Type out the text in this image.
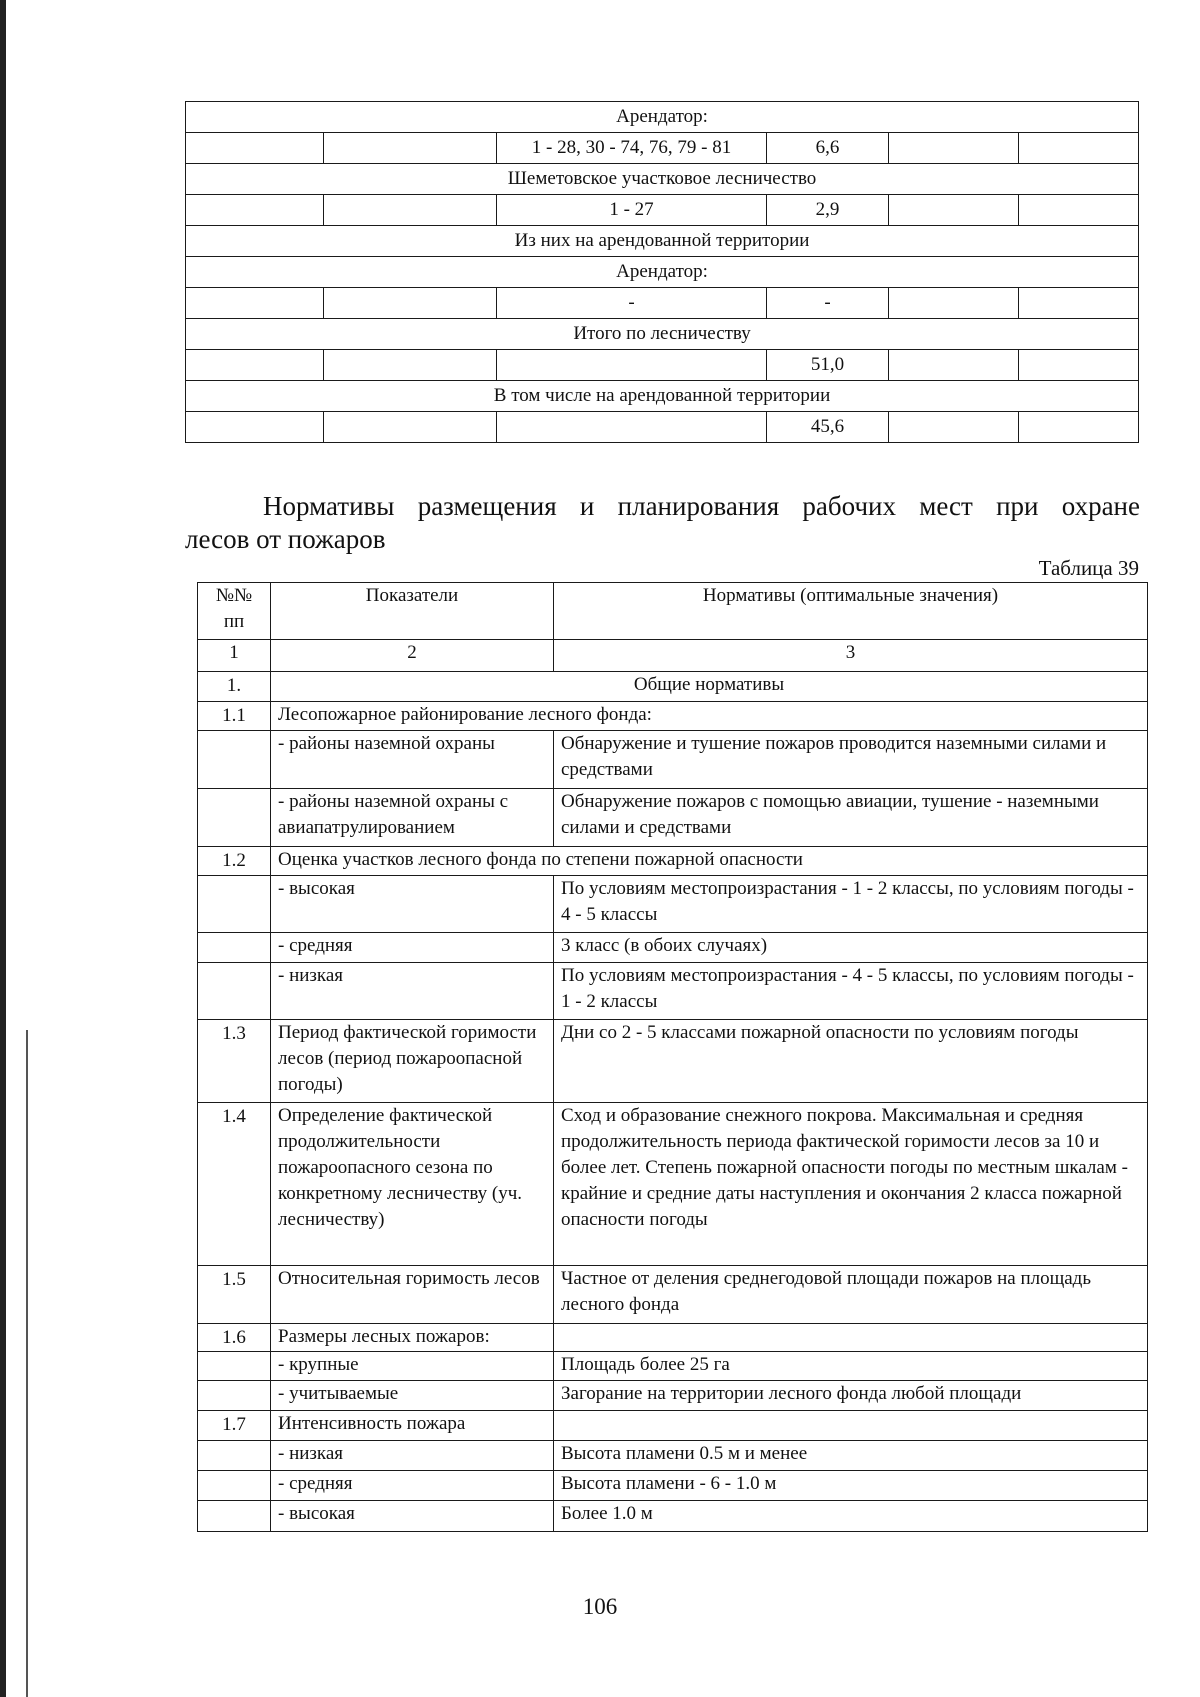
Арендатор:					
		1 - 28, 30 - 74, 76, 79 - 81	6,6		
Шеметовское участковое лесничество					
		1 - 27	2,9		
Из них на арендованной территории					
Арендатор:					
		-	-		
Итого по лесничеству					
			51,0		
В том числе на арендованной территории					
			45,6		
Нормативы размещения и планирования рабочих мест при охране
лесов от пожаров
Таблица 39
№№ пп	Показатели	Нормативы (оптимальные значения)
1	2	3
1.	Общие нормативы	
1.1	Лесопожарное районирование лесного фонда:	
	- районы наземной охраны	Обнаружение и тушение пожаров проводится наземными силами и средствами
	- районы наземной охраны с авиапатрулированием	Обнаружение пожаров с помощью авиации, тушение - наземными силами и средствами
1.2	Оценка участков лесного фонда по степени пожарной опасности	
	- высокая	По условиям местопроизрастания - 1 - 2 классы, по условиям погоды - 4 - 5 классы
	- средняя	3 класс (в обоих случаях)
	- низкая	По условиям местопроизрастания - 4 - 5 классы, по условиям погоды - 1 - 2 классы
1.3	Период фактической горимости лесов (период пожароопасной погоды)	Дни со 2 - 5 классами пожарной опасности по условиям погоды
1.4	Определение фактической продолжительности пожароопасного сезона по конкретному лесничеству (уч. лесничеству)	Сход и образование снежного покрова. Максимальная и средняя продолжительность периода фактической горимости лесов за 10 и более лет. Степень пожарной опасности погоды по местным шкалам - крайние и средние даты наступления и окончания 2 класса пожарной опасности погоды
1.5	Относительная горимость лесов	Частное от деления среднегодовой площади пожаров на площадь лесного фонда
1.6	Размеры лесных пожаров:	
	- крупные	Площадь более 25 га
	- учитываемые	Загорание на территории лесного фонда любой площади
1.7	Интенсивность пожара	
	- низкая	Высота пламени 0.5 м и менее
	- средняя	Высота пламени - 6 - 1.0 м
	- высокая	Более 1.0 м
106
